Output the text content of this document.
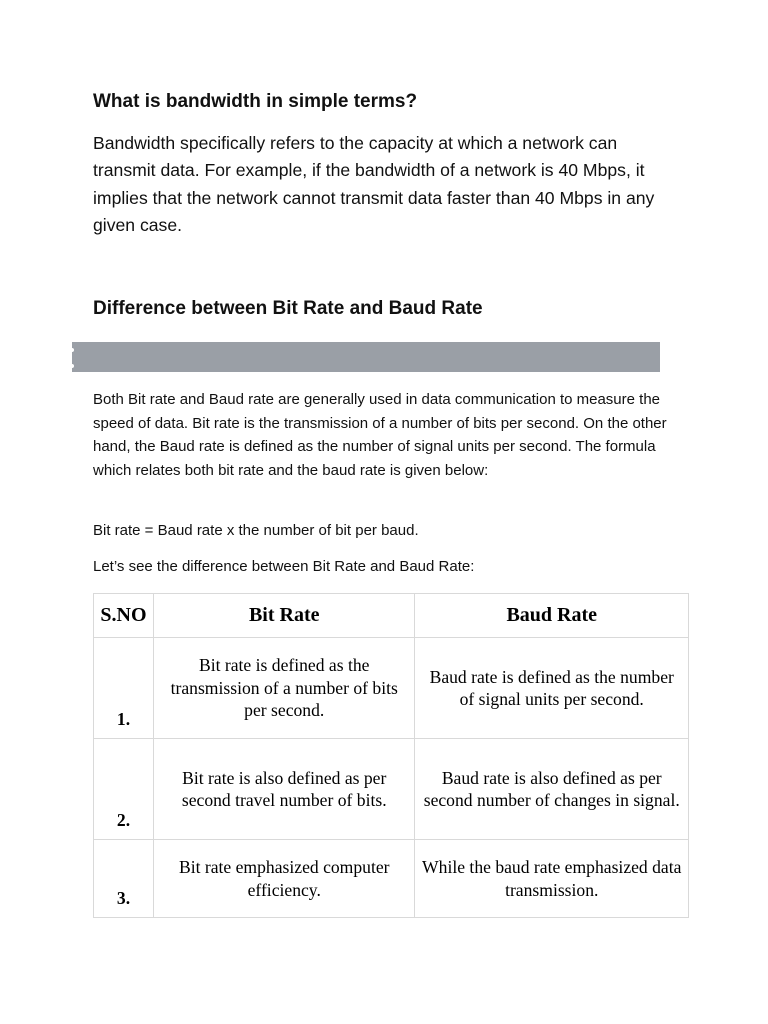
What is bandwidth in simple terms?

Bandwidth specifically refers to the capacity at which a network can transmit data. For example, if the bandwidth of a network is 40 Mbps, it implies that the network cannot transmit data faster than 40 Mbps in any given case.

Difference between Bit Rate and Baud Rate

Both Bit rate and Baud rate are generally used in data communication to measure the speed of data. Bit rate is the transmission of a number of bits per second. On the other hand, the Baud rate is defined as the number of signal units per second. The formula which relates both bit rate and the baud rate is given below:

Bit rate = Baud rate x the number of bit per baud.

Let’s see the difference between Bit Rate and Baud Rate:

S.NO	Bit Rate	Baud Rate
1.	Bit rate is defined as the transmission of a number of bits per second.	Baud rate is defined as the number of signal units per second.
2.	Bit rate is also defined as per second travel number of bits.	Baud rate is also defined as per second number of changes in signal.
3.	Bit rate emphasized computer efficiency.	While the baud rate emphasized data transmission.
